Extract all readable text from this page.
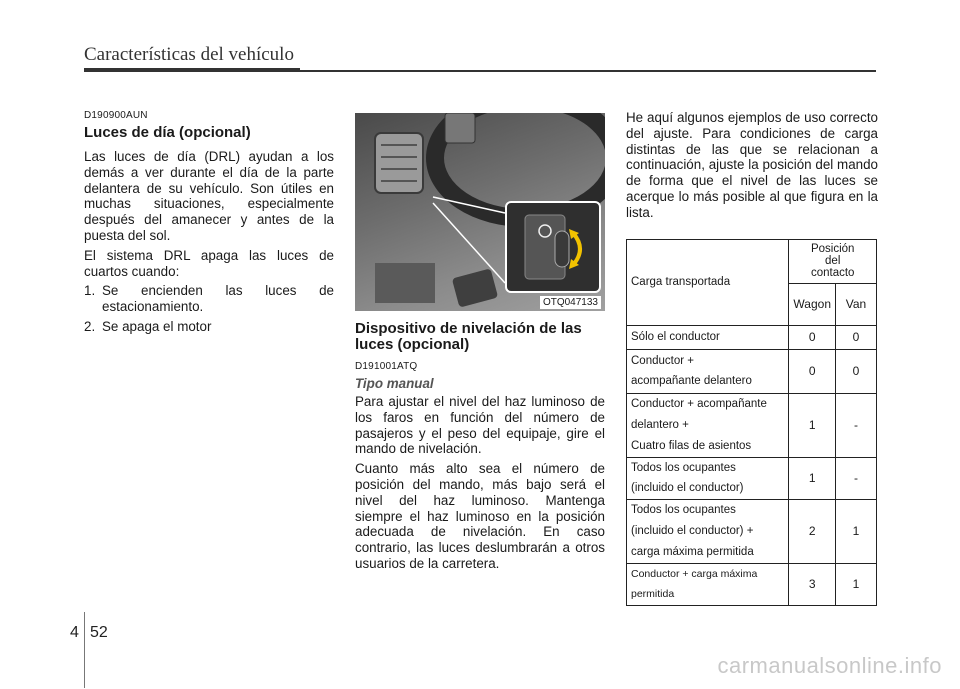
Características del vehículo
D190900AUN
Luces de día (opcional)
Las luces de día (DRL) ayudan a los demás a ver durante el día de la parte delantera de su vehículo. Son útiles en muchas situaciones, especialmente después del amanecer y antes de la puesta del sol.
El sistema DRL apaga las luces de cuartos cuando:
1. Se encienden las luces de estacionamiento.
2. Se apaga el motor
OTQ047133
Dispositivo de nivelación de las luces (opcional)
D191001ATQ
Tipo manual
Para ajustar el nivel del haz luminoso de los faros en función del número de pasajeros y el peso del equipaje, gire el mando de nivelación.
Cuanto más alto sea el número de posición del mando, más bajo será el nivel del haz luminoso. Mantenga siempre el haz luminoso en la posición adecuada de nivelación. En caso contrario, las luces deslumbrarán a otros usuarios de la carretera.
He aquí algunos ejemplos de uso correcto del ajuste. Para condiciones de carga distintas de las que se relacionan a continuación, ajuste la posición del mando de forma que el nivel de las luces se acerque lo más posible al que figura en la lista.
Carga transportada	Posición del contacto	
	Wagon	Van
Sólo el conductor	0	0
Conductor +
acompañante delantero	0	0
Conductor + acompañante
delantero +
Cuatro filas de asientos	1	-
Todos los ocupantes
(incluido el conductor)	1	-
Todos los ocupantes
(incluido el conductor) +
carga máxima permitida	2	1
Conductor + carga máxima
permitida	3	1
4 52
carmanualsonline.info
